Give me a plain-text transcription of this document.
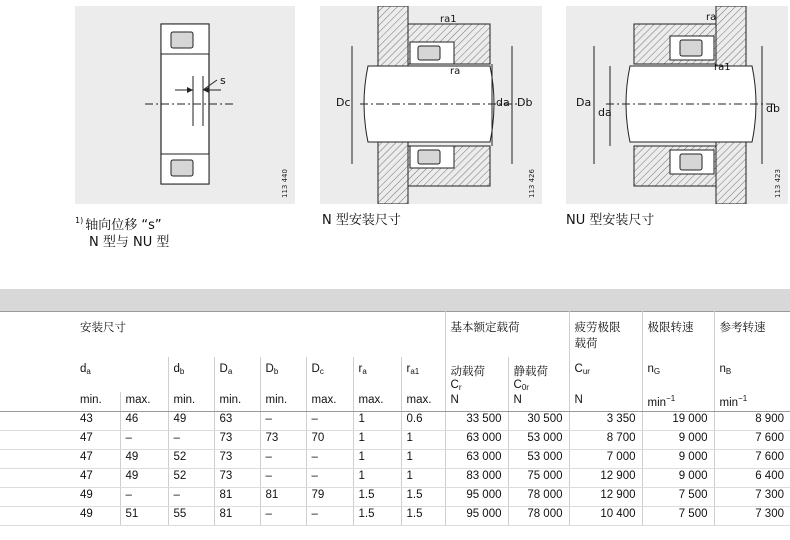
s
113 440
$^{1)}$ 轴向位移 “s”
N 型与 NU 型
ra1
ra
Dc	da Db
113 426
N 型安装尺寸
ra
ra1
Da
da	db
113 423
NU 型安装尺寸
安装尺寸								基本额定载荷		疲劳极限
载荷	极限转速	参考转速
$d_a$		$d_b$	$D_a$	$D_b$	$D_c$	$r_a$	$r_{a1}$	动载荷
$C_r$	静载荷
$C_{0r}$	$C_{ur}$	$n_G$	$n_B$
min.	max.	min.	min.	min.	max.	max.	max.	N	N	N	$\min^{-1}$	$\min^{-1}$
43	46	49	63	–	–	1	0.6	33 500	30 500	3 350	19 000	8 900
47	–	–	73	73	70	1	1	63 000	53 000	8 700	9 000	7 600
47	49	52	73	–	–	1	1	63 000	53 000	7 000	9 000	7 600
47	49	52	73	–	–	1	1	83 000	75 000	12 900	9 000	6 400
49	–	–	81	81	79	1.5	1.5	95 000	78 000	12 900	7 500	7 300
49	51	55	81	–	–	1.5	1.5	95 000	78 000	10 400	7 500	7 300
